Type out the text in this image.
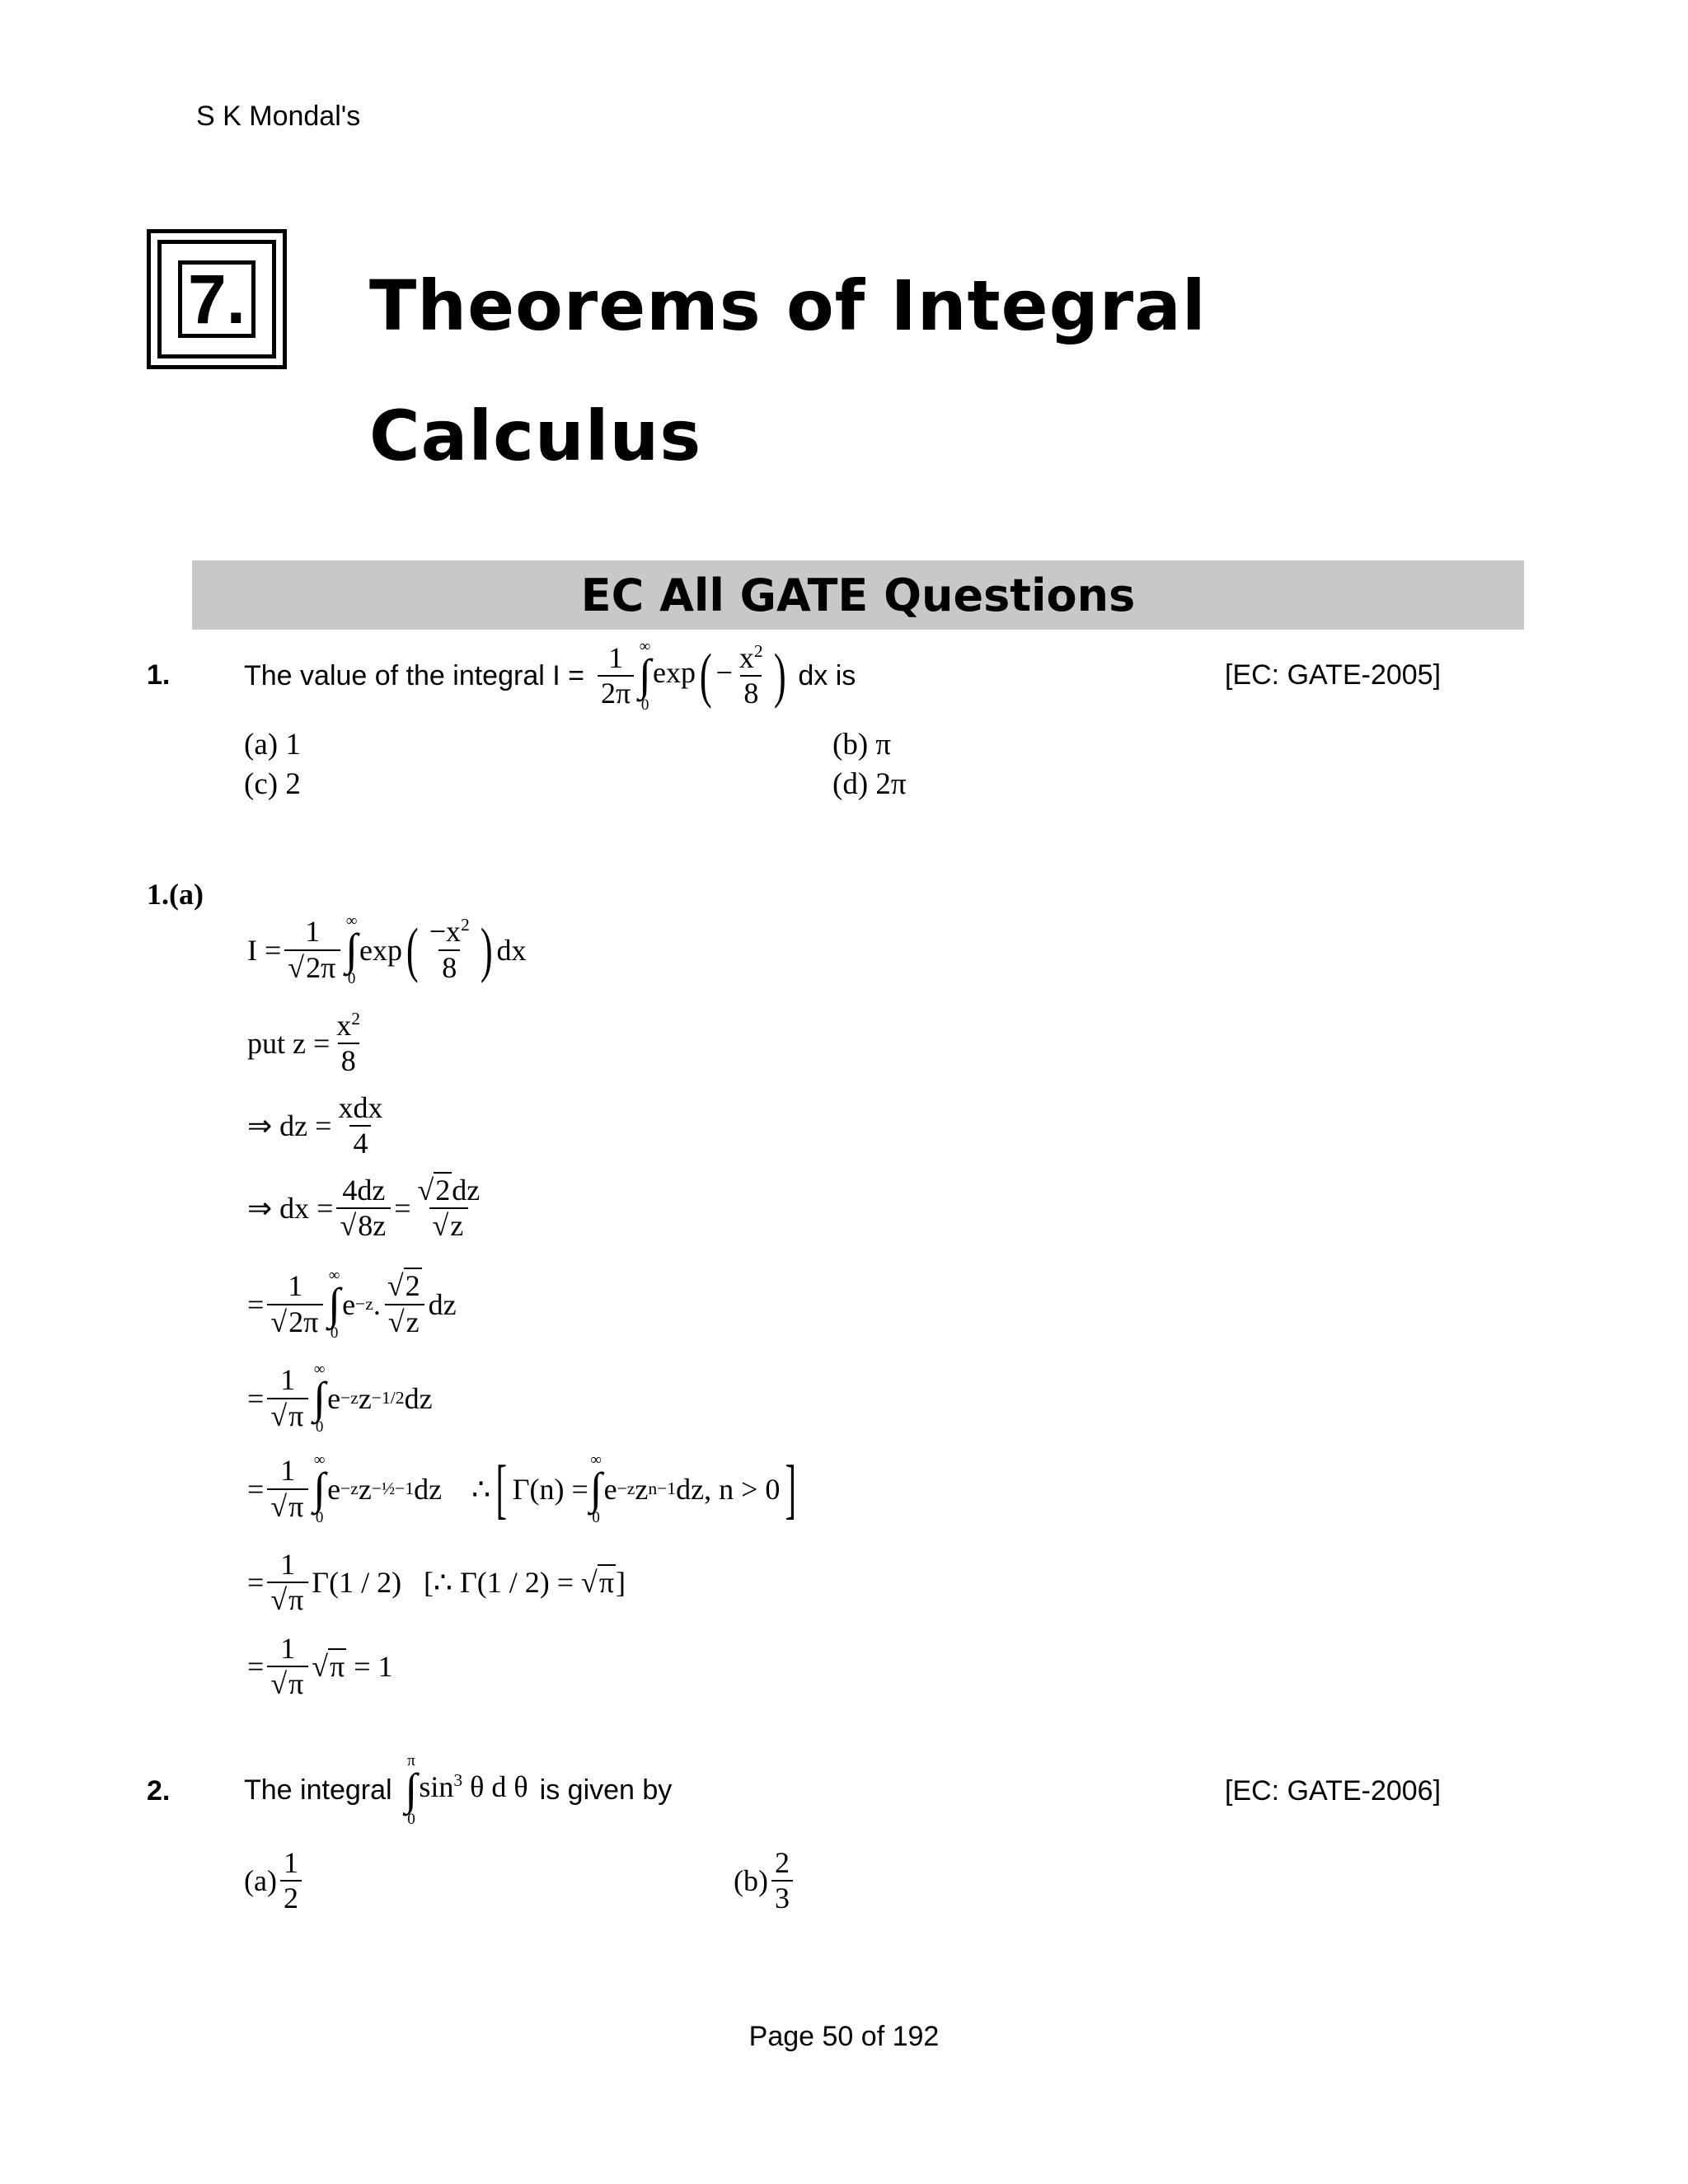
S K Mondal's
7. Theorems of Integral
Calculus
EC All GATE Questions
1.	The value of the integral $I = \frac{1}{2\pi}$ ∞
∫
0
$\exp( - \frac{x^2}{8}$ ) dx is	[EC: GATE-2005]
(a) 1	(b) π
(c) 2	(d) 2π
1.(a)
$I = \frac{1}{√2\pi}$ ∞
∫
0
exp ( $\frac{-x^2}{8}$ ) dx
put $z = \frac{x^2}{8}$
⇒ dz = $\frac{\text{xdx}}{4}$
⇒ dx = $\frac{4dz}{√8z} = \frac{√2dz}{√z}$
= $\frac{1}{√2\pi}$ ∞
∫
0
e −z . $\frac{√2}{√z}$ dz
= $\frac{1}{√\pi}$ ∞
∫
0
e −z z −1/2 dz
= $\frac{1}{√\pi}$ ∞
∫
0
e −z z −½−1 dz ∴ [ Γ(n) =
∞
∫
0
e −z z n−1 dz, n > 0 ]
= $\frac{1}{√\pi} \Gamma(1 / 2)$   [∴ Γ(1 / 2) = √ π ]
= $\frac{1}{√\pi}$ √ π = 1
2.	The integral
π
∫
0
$\sin^3 \theta$ d θ is given by	[EC: GATE-2006]
$(a) \frac{1}{2}$	$(b) \frac{2}{3}$
Page 50 of 192
